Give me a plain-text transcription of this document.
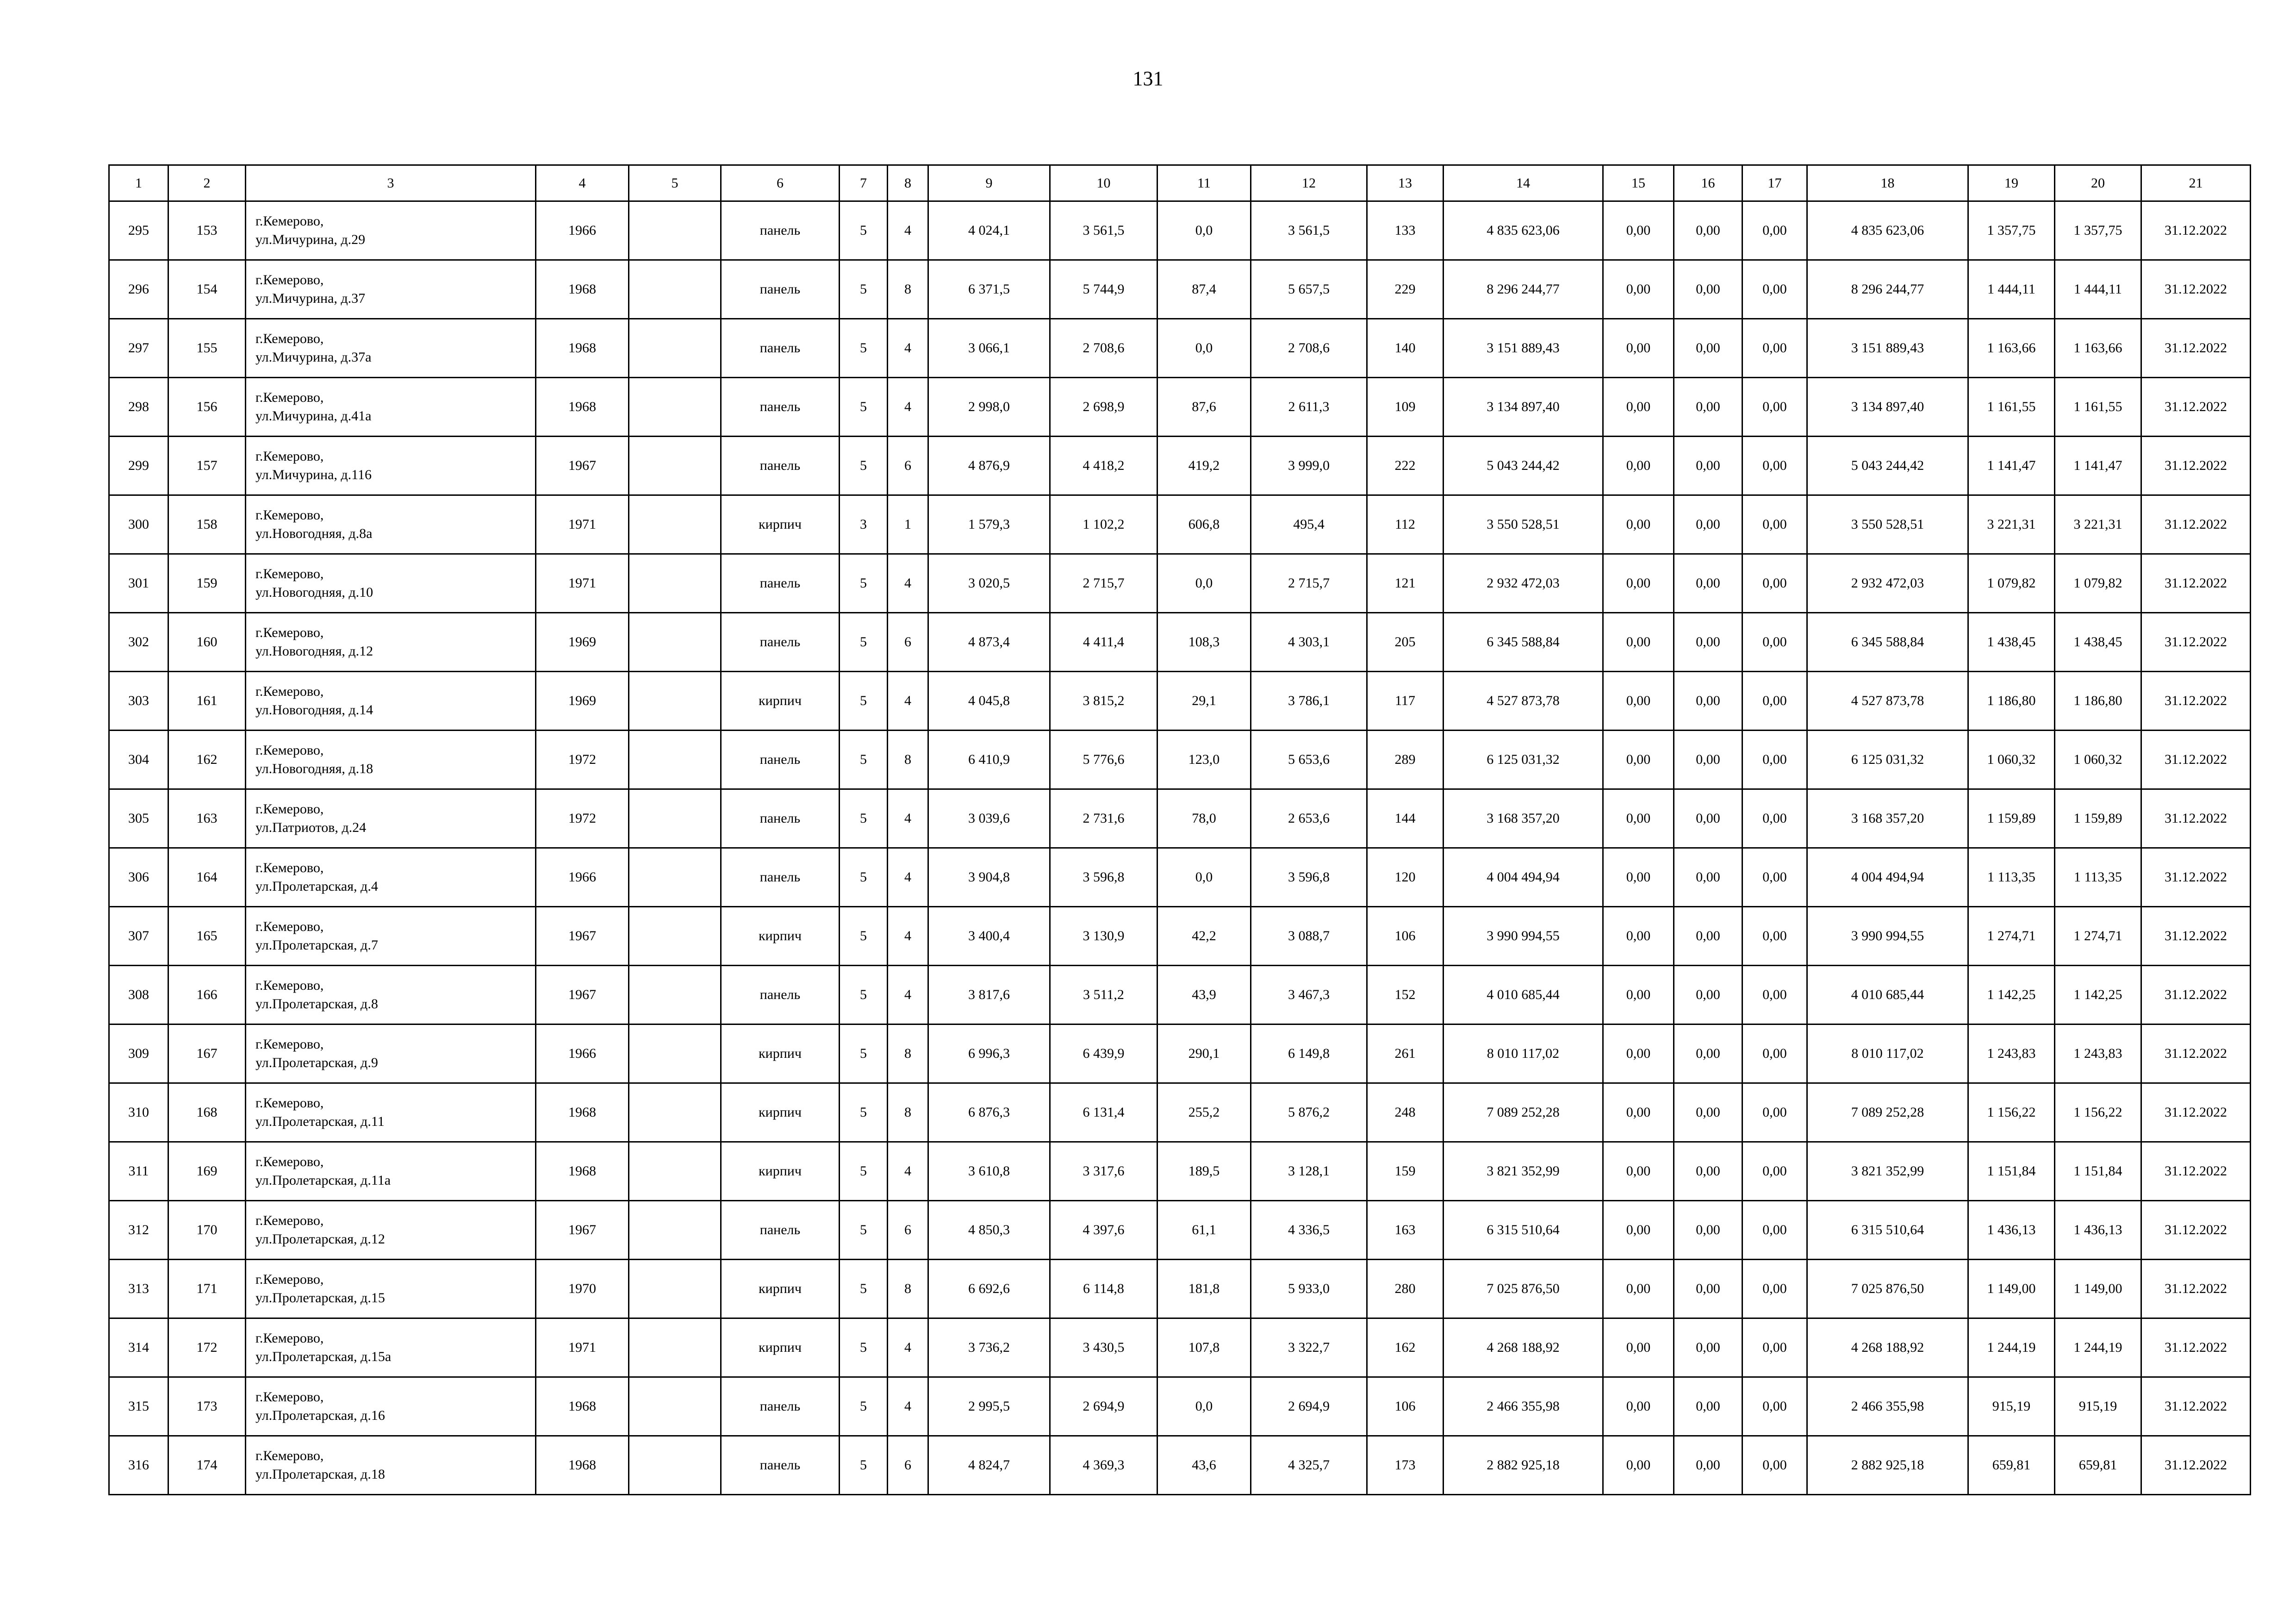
131
1	2	3	4	5	6	7	8	9	10	11	12	13	14	15	16	17	18	19	20	21
295	153	г.Кемерово,
ул.Мичурина, д.29	1966		панель	5	4	4 024,1	3 561,5	0,0	3 561,5	133	4 835 623,06	0,00	0,00	0,00	4 835 623,06	1 357,75	1 357,75	31.12.2022
296	154	г.Кемерово,
ул.Мичурина, д.37	1968		панель	5	8	6 371,5	5 744,9	87,4	5 657,5	229	8 296 244,77	0,00	0,00	0,00	8 296 244,77	1 444,11	1 444,11	31.12.2022
297	155	г.Кемерово,
ул.Мичурина, д.37а	1968		панель	5	4	3 066,1	2 708,6	0,0	2 708,6	140	3 151 889,43	0,00	0,00	0,00	3 151 889,43	1 163,66	1 163,66	31.12.2022
298	156	г.Кемерово,
ул.Мичурина, д.41а	1968		панель	5	4	2 998,0	2 698,9	87,6	2 611,3	109	3 134 897,40	0,00	0,00	0,00	3 134 897,40	1 161,55	1 161,55	31.12.2022
299	157	г.Кемерово,
ул.Мичурина, д.116	1967		панель	5	6	4 876,9	4 418,2	419,2	3 999,0	222	5 043 244,42	0,00	0,00	0,00	5 043 244,42	1 141,47	1 141,47	31.12.2022
300	158	г.Кемерово,
ул.Новогодняя, д.8а	1971		кирпич	3	1	1 579,3	1 102,2	606,8	495,4	112	3 550 528,51	0,00	0,00	0,00	3 550 528,51	3 221,31	3 221,31	31.12.2022
301	159	г.Кемерово,
ул.Новогодняя, д.10	1971		панель	5	4	3 020,5	2 715,7	0,0	2 715,7	121	2 932 472,03	0,00	0,00	0,00	2 932 472,03	1 079,82	1 079,82	31.12.2022
302	160	г.Кемерово,
ул.Новогодняя, д.12	1969		панель	5	6	4 873,4	4 411,4	108,3	4 303,1	205	6 345 588,84	0,00	0,00	0,00	6 345 588,84	1 438,45	1 438,45	31.12.2022
303	161	г.Кемерово,
ул.Новогодняя, д.14	1969		кирпич	5	4	4 045,8	3 815,2	29,1	3 786,1	117	4 527 873,78	0,00	0,00	0,00	4 527 873,78	1 186,80	1 186,80	31.12.2022
304	162	г.Кемерово,
ул.Новогодняя, д.18	1972		панель	5	8	6 410,9	5 776,6	123,0	5 653,6	289	6 125 031,32	0,00	0,00	0,00	6 125 031,32	1 060,32	1 060,32	31.12.2022
305	163	г.Кемерово,
ул.Патриотов, д.24	1972		панель	5	4	3 039,6	2 731,6	78,0	2 653,6	144	3 168 357,20	0,00	0,00	0,00	3 168 357,20	1 159,89	1 159,89	31.12.2022
306	164	г.Кемерово,
ул.Пролетарская, д.4	1966		панель	5	4	3 904,8	3 596,8	0,0	3 596,8	120	4 004 494,94	0,00	0,00	0,00	4 004 494,94	1 113,35	1 113,35	31.12.2022
307	165	г.Кемерово,
ул.Пролетарская, д.7	1967		кирпич	5	4	3 400,4	3 130,9	42,2	3 088,7	106	3 990 994,55	0,00	0,00	0,00	3 990 994,55	1 274,71	1 274,71	31.12.2022
308	166	г.Кемерово,
ул.Пролетарская, д.8	1967		панель	5	4	3 817,6	3 511,2	43,9	3 467,3	152	4 010 685,44	0,00	0,00	0,00	4 010 685,44	1 142,25	1 142,25	31.12.2022
309	167	г.Кемерово,
ул.Пролетарская, д.9	1966		кирпич	5	8	6 996,3	6 439,9	290,1	6 149,8	261	8 010 117,02	0,00	0,00	0,00	8 010 117,02	1 243,83	1 243,83	31.12.2022
310	168	г.Кемерово,
ул.Пролетарская, д.11	1968		кирпич	5	8	6 876,3	6 131,4	255,2	5 876,2	248	7 089 252,28	0,00	0,00	0,00	7 089 252,28	1 156,22	1 156,22	31.12.2022
311	169	г.Кемерово,
ул.Пролетарская, д.11а	1968		кирпич	5	4	3 610,8	3 317,6	189,5	3 128,1	159	3 821 352,99	0,00	0,00	0,00	3 821 352,99	1 151,84	1 151,84	31.12.2022
312	170	г.Кемерово,
ул.Пролетарская, д.12	1967		панель	5	6	4 850,3	4 397,6	61,1	4 336,5	163	6 315 510,64	0,00	0,00	0,00	6 315 510,64	1 436,13	1 436,13	31.12.2022
313	171	г.Кемерово,
ул.Пролетарская, д.15	1970		кирпич	5	8	6 692,6	6 114,8	181,8	5 933,0	280	7 025 876,50	0,00	0,00	0,00	7 025 876,50	1 149,00	1 149,00	31.12.2022
314	172	г.Кемерово,
ул.Пролетарская, д.15а	1971		кирпич	5	4	3 736,2	3 430,5	107,8	3 322,7	162	4 268 188,92	0,00	0,00	0,00	4 268 188,92	1 244,19	1 244,19	31.12.2022
315	173	г.Кемерово,
ул.Пролетарская, д.16	1968		панель	5	4	2 995,5	2 694,9	0,0	2 694,9	106	2 466 355,98	0,00	0,00	0,00	2 466 355,98	915,19	915,19	31.12.2022
316	174	г.Кемерово,
ул.Пролетарская, д.18	1968		панель	5	6	4 824,7	4 369,3	43,6	4 325,7	173	2 882 925,18	0,00	0,00	0,00	2 882 925,18	659,81	659,81	31.12.2022
